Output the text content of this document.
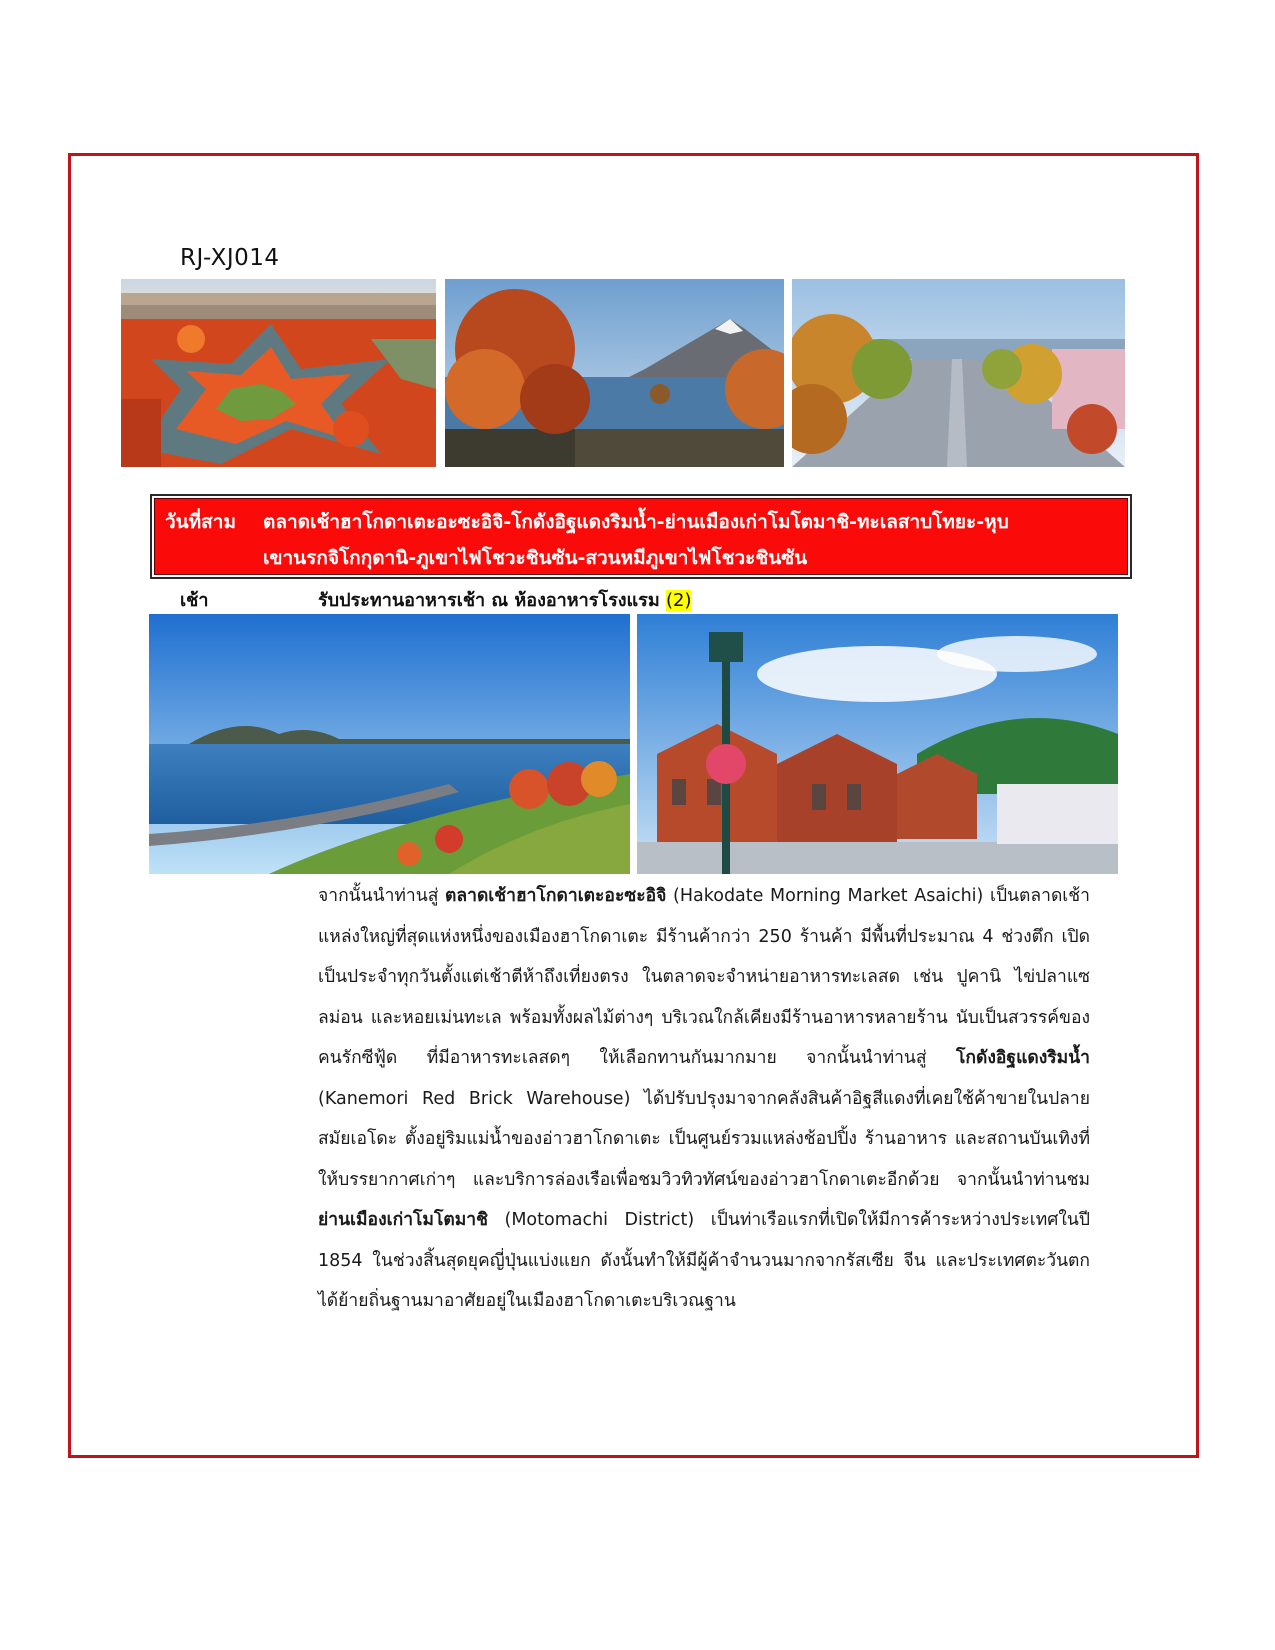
RJ-XJ014
วันที่สาม ตลาดเช้าฮาโกดาเตะอะซะอิจิ-โกดังอิฐแดงริมน้ำ-ย่านเมืองเก่าโมโตมาชิ-ทะเลสาบโทยะ-หุบ
เขานรกจิโกกุดานิ-ภูเขาไฟโชวะชินซัน-สวนหมีภูเขาไฟโชวะชินซัน
เช้า	รับประทานอาหารเช้า ณ ห้องอาหารโรงแรม (2)
จากนั้นนำท่านสู่ ตลาดเช้าฮาโกดาเตะอะซะอิจิ (Hakodate Morning Market Asaichi) เป็นตลาดเช้าแหล่งใหญ่ที่สุดแห่งหนึ่งของเมืองฮาโกดาเตะ มีร้านค้ากว่า 250 ร้านค้า มีพื้นที่ประมาณ 4 ช่วงตึก เปิดเป็นประจำทุกวันตั้งแต่เช้าตีห้าถึงเที่ยงตรง ในตลาดจะจำหน่ายอาหารทะเลสด เช่น ปูคานิ ไข่ปลาแซลม่อน และหอยเม่นทะเล พร้อมทั้งผลไม้ต่างๆ บริเวณใกล้เคียงมีร้านอาหารหลายร้าน นับเป็นสวรรค์ของคนรักซีฟู้ด ที่มีอาหารทะเลสดๆ ให้เลือกทานกันมากมาย จากนั้นนำท่านสู่ โกดังอิฐแดงริมน้ำ (Kanemori Red Brick Warehouse) ได้ปรับปรุงมาจากคลังสินค้าอิฐสีแดงที่เคยใช้ค้าขายในปลายสมัยเอโดะ ตั้งอยู่ริมแม่น้ำของอ่าวฮาโกดาเตะ เป็นศูนย์รวมแหล่งช้อปปิ้ง ร้านอาหาร และสถานบันเทิงที่ให้บรรยากาศเก่าๆ และบริการล่องเรือเพื่อชมวิวทิวทัศน์ของอ่าวฮาโกดาเตะอีกด้วย จากนั้นนำท่านชม ย่านเมืองเก่าโมโตมาชิ (Motomachi District) เป็นท่าเรือแรกที่เปิดให้มีการค้าระหว่างประเทศในปี 1854 ในช่วงสิ้นสุดยุคญี่ปุ่นแบ่งแยก ดังนั้นทำให้มีผู้ค้าจำนวนมากจากรัสเซีย จีน และประเทศตะวันตก ได้ย้ายถิ่นฐานมาอาศัยอยู่ในเมืองฮาโกดาเตะบริเวณฐาน
